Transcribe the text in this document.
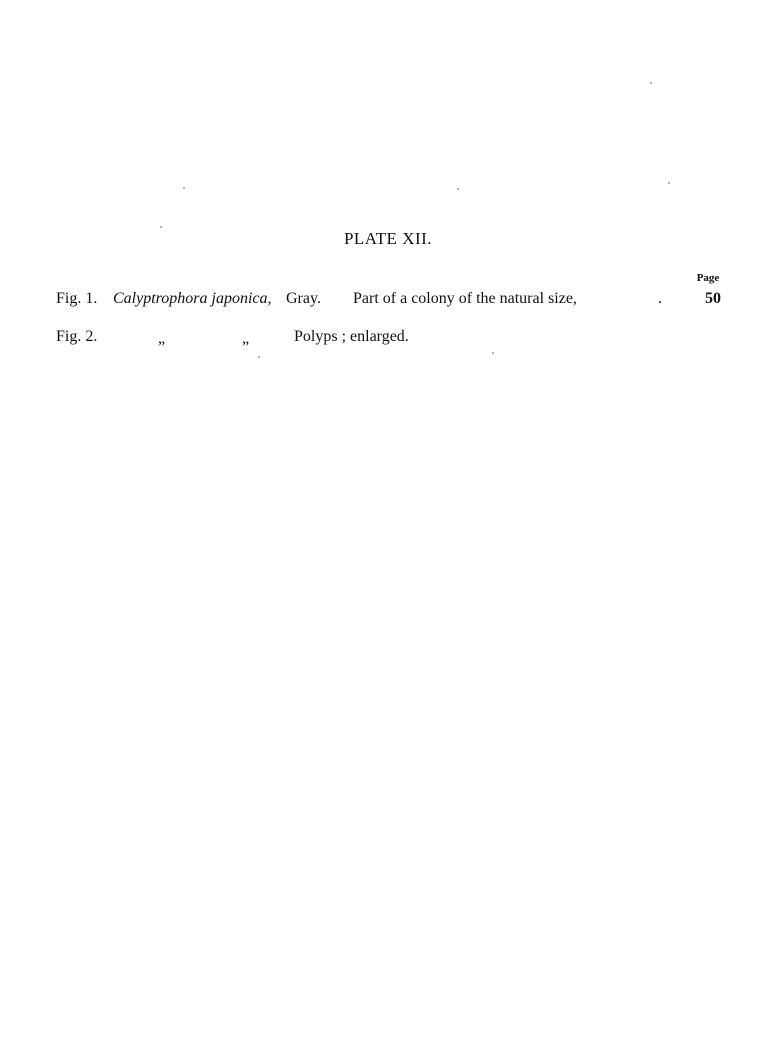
PLATE XII.
Page
Fig. 1. Calyptrophora japonica, Gray. Part of a colony of the natural size,	.	50
Fig. 2.	„	„	Polyps ; enlarged.
